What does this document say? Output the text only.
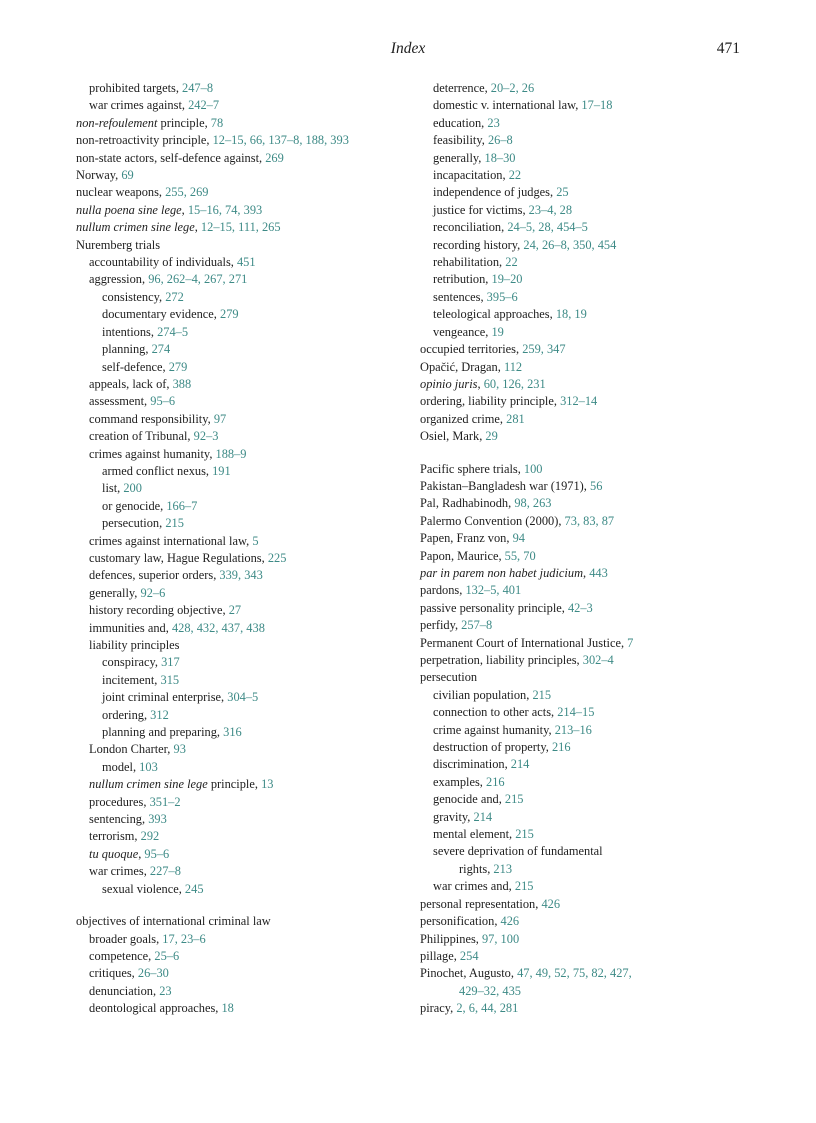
Index	471
prohibited targets, 247–8
war crimes against, 242–7
non-refoulement principle, 78
non-retroactivity principle, 12–15, 66, 137–8, 188, 393
non-state actors, self-defence against, 269
Norway, 69
nuclear weapons, 255, 269
nulla poena sine lege, 15–16, 74, 393
nullum crimen sine lege, 12–15, 111, 265
Nuremberg trials
accountability of individuals, 451
aggression, 96, 262–4, 267, 271
consistency, 272
documentary evidence, 279
intentions, 274–5
planning, 274
self-defence, 279
appeals, lack of, 388
assessment, 95–6
command responsibility, 97
creation of Tribunal, 92–3
crimes against humanity, 188–9
armed conflict nexus, 191
list, 200
or genocide, 166–7
persecution, 215
crimes against international law, 5
customary law, Hague Regulations, 225
defences, superior orders, 339, 343
generally, 92–6
history recording objective, 27
immunities and, 428, 432, 437, 438
liability principles
conspiracy, 317
incitement, 315
joint criminal enterprise, 304–5
ordering, 312
planning and preparing, 316
London Charter, 93
model, 103
nullum crimen sine lege principle, 13
procedures, 351–2
sentencing, 393
terrorism, 292
tu quoque, 95–6
war crimes, 227–8
sexual violence, 245
objectives of international criminal law
broader goals, 17, 23–6
competence, 25–6
critiques, 26–30
denunciation, 23
deontological approaches, 18
deterrence, 20–2, 26
domestic v. international law, 17–18
education, 23
feasibility, 26–8
generally, 18–30
incapacitation, 22
independence of judges, 25
justice for victims, 23–4, 28
reconciliation, 24–5, 28, 454–5
recording history, 24, 26–8, 350, 454
rehabilitation, 22
retribution, 19–20
sentences, 395–6
teleological approaches, 18, 19
vengeance, 19
occupied territories, 259, 347
Opačić, Dragan, 112
opinio juris, 60, 126, 231
ordering, liability principle, 312–14
organized crime, 281
Osiel, Mark, 29
Pacific sphere trials, 100
Pakistan–Bangladesh war (1971), 56
Pal, Radhabinodh, 98, 263
Palermo Convention (2000), 73, 83, 87
Papen, Franz von, 94
Papon, Maurice, 55, 70
par in parem non habet judicium, 443
pardons, 132–5, 401
passive personality principle, 42–3
perfidy, 257–8
Permanent Court of International Justice, 7
perpetration, liability principles, 302–4
persecution
civilian population, 215
connection to other acts, 214–15
crime against humanity, 213–16
destruction of property, 216
discrimination, 214
examples, 216
genocide and, 215
gravity, 214
mental element, 215
severe deprivation of fundamental
rights, 213
war crimes and, 215
personal representation, 426
personification, 426
Philippines, 97, 100
pillage, 254
Pinochet, Augusto, 47, 49, 52, 75, 82, 427,
429–32, 435
piracy, 2, 6, 44, 281
